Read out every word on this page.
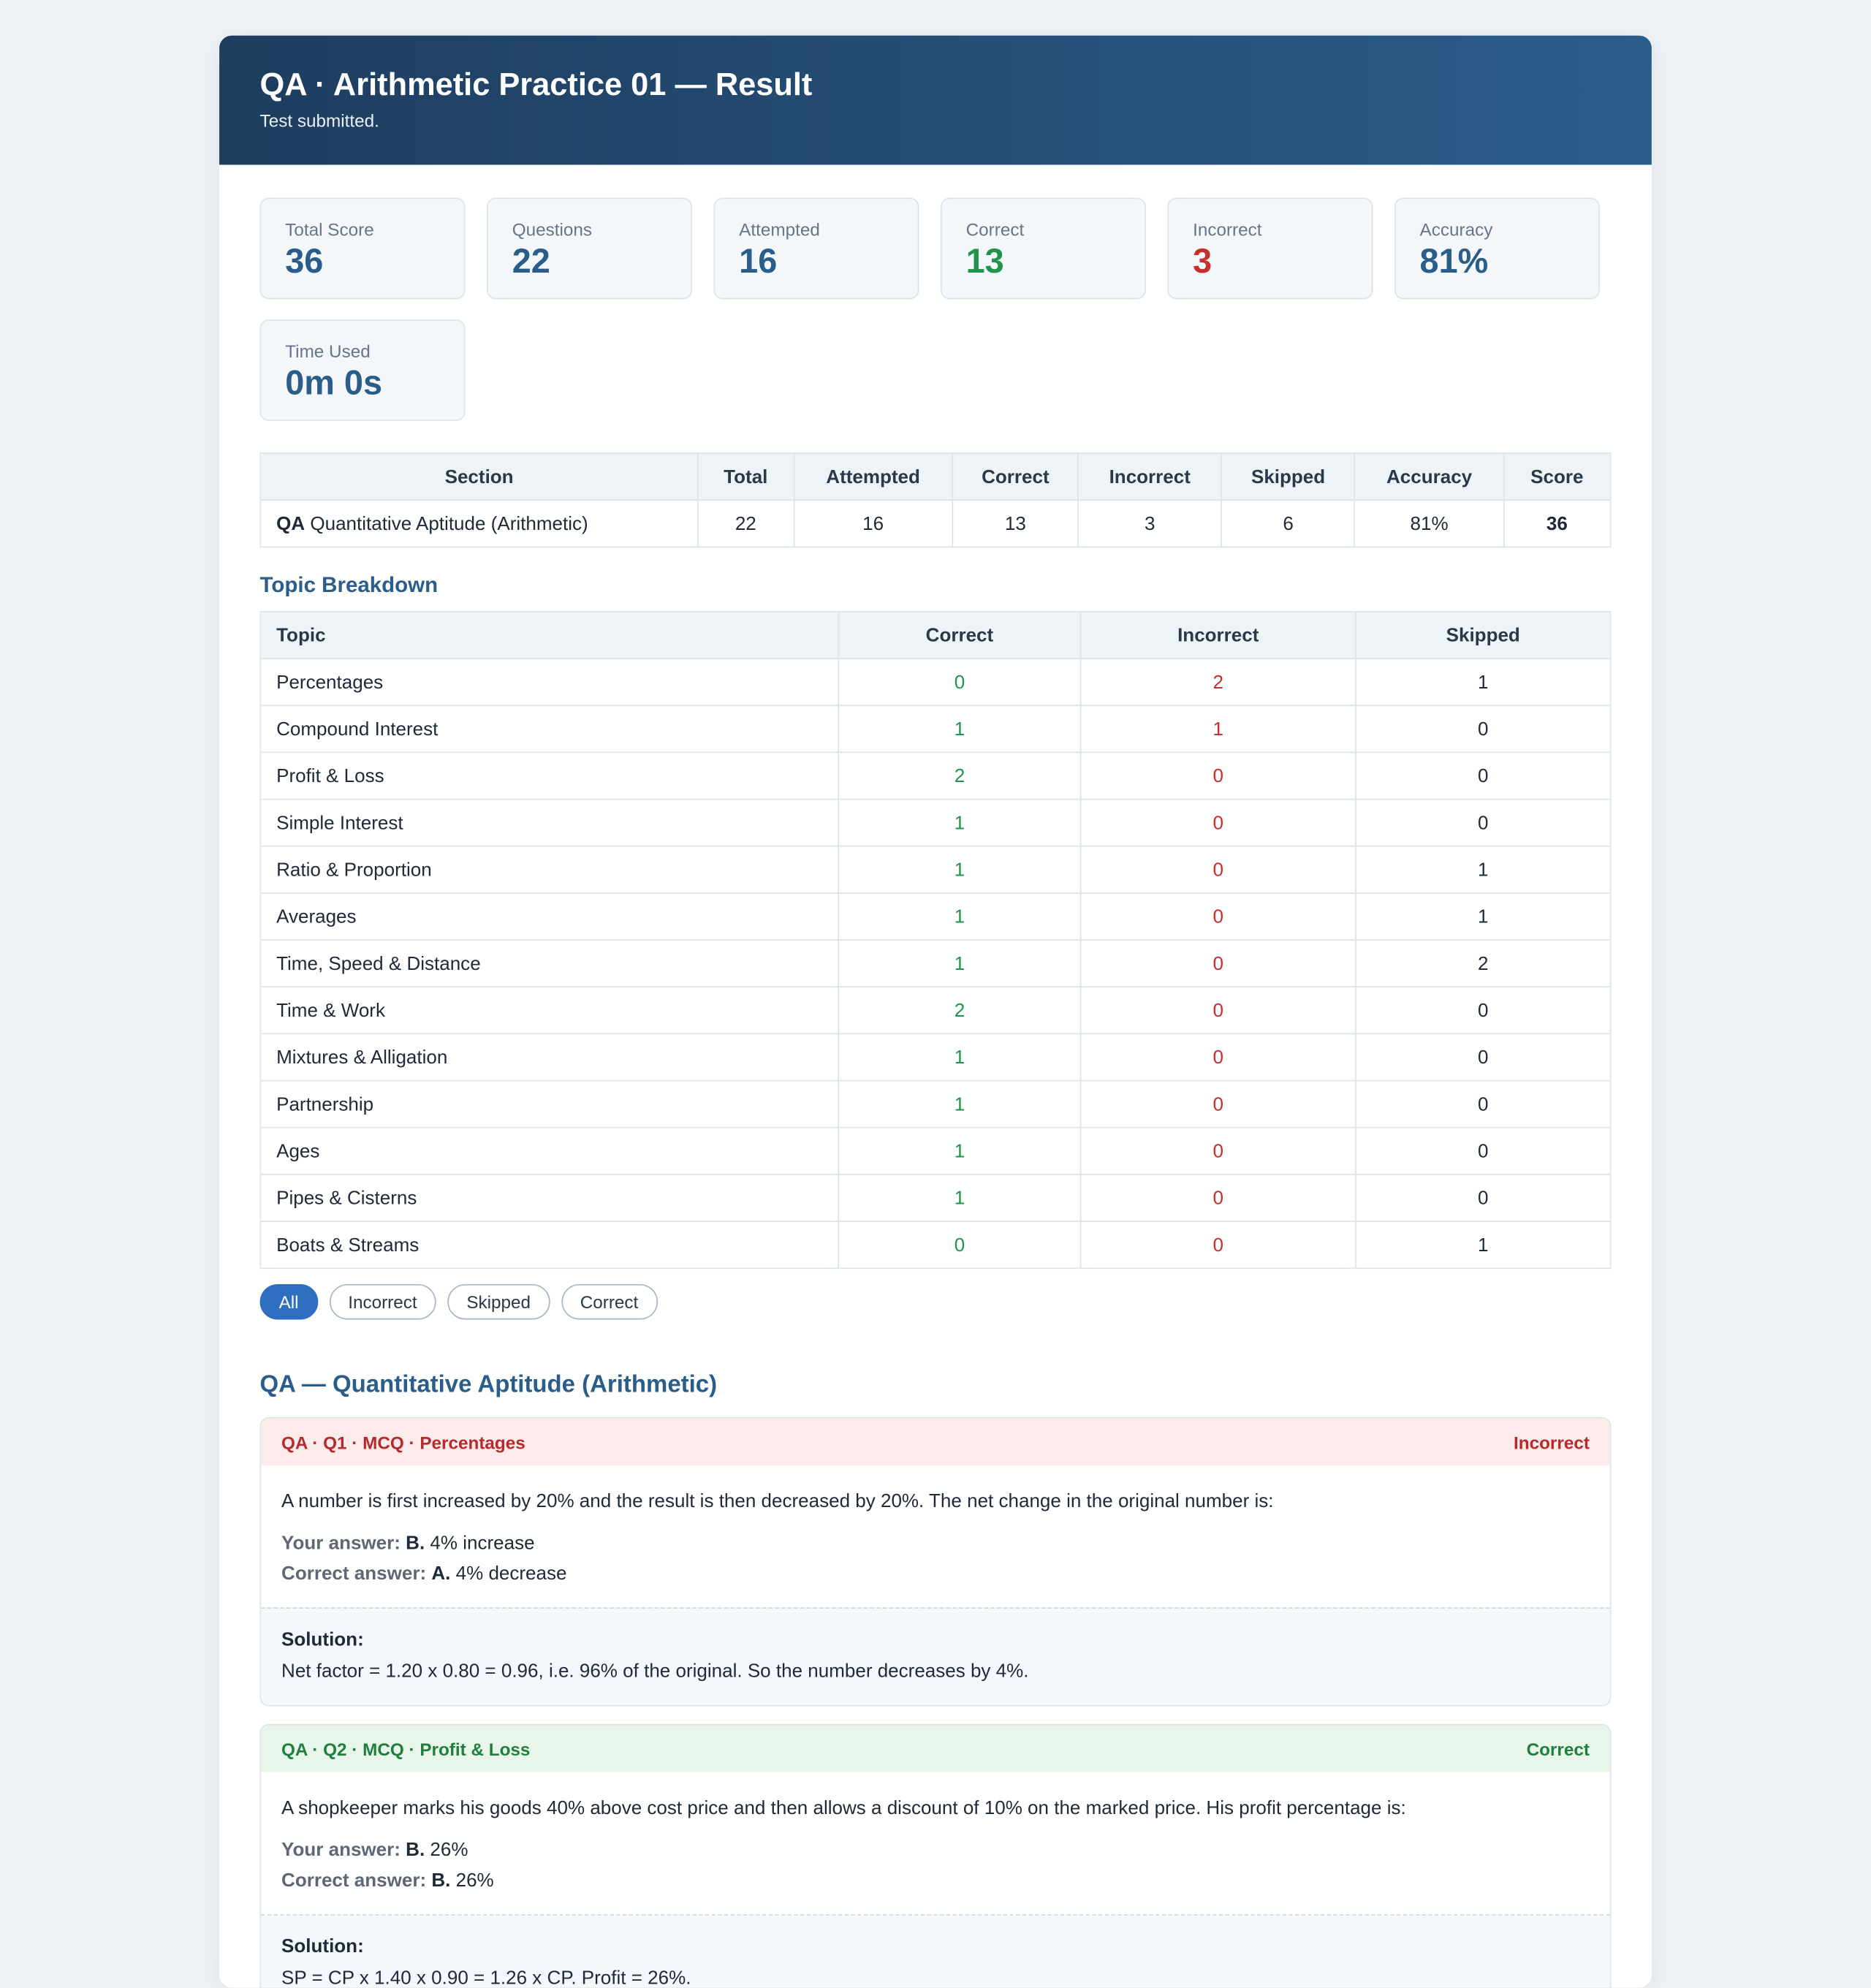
QA · Arithmetic Practice 01 — Result
Test submitted.
Total Score
36
Questions
22
Attempted
16
Correct
13
Incorrect
3
Accuracy
81%
Time Used
0m 0s
Section	Total	Attempted	Correct	Incorrect	Skipped	Accuracy	Score
QA Quantitative Aptitude (Arithmetic)	22	16	13	3	6	81%	36
Topic Breakdown
Topic	Correct	Incorrect	Skipped
Percentages	0	2	1
Compound Interest	1	1	0
Profit & Loss	2	0	0
Simple Interest	1	0	0
Ratio & Proportion	1	0	1
Averages	1	0	1
Time, Speed & Distance	1	0	2
Time & Work	2	0	0
Mixtures & Alligation	1	0	0
Partnership	1	0	0
Ages	1	0	0
Pipes & Cisterns	1	0	0
Boats & Streams	0	0	1
All	Incorrect	Skipped	Correct
QA — Quantitative Aptitude (Arithmetic)
QA · Q1 · MCQ · Percentages	Incorrect

A number is first increased by 20% and the result is then decreased by 20%. The net change in the original number is:

Your answer: B. 4% increase
Correct answer: A. 4% decrease
Solution:
Net factor = 1.20 x 0.80 = 0.96, i.e. 96% of the original. So the number decreases by 4%.
QA · Q2 · MCQ · Profit & Loss	Correct

A shopkeeper marks his goods 40% above cost price and then allows a discount of 10% on the marked price. His profit percentage is:

Your answer: B. 26%
Correct answer: B. 26%
Solution:
SP = CP x 1.40 x 0.90 = 1.26 x CP. Profit = 26%.
